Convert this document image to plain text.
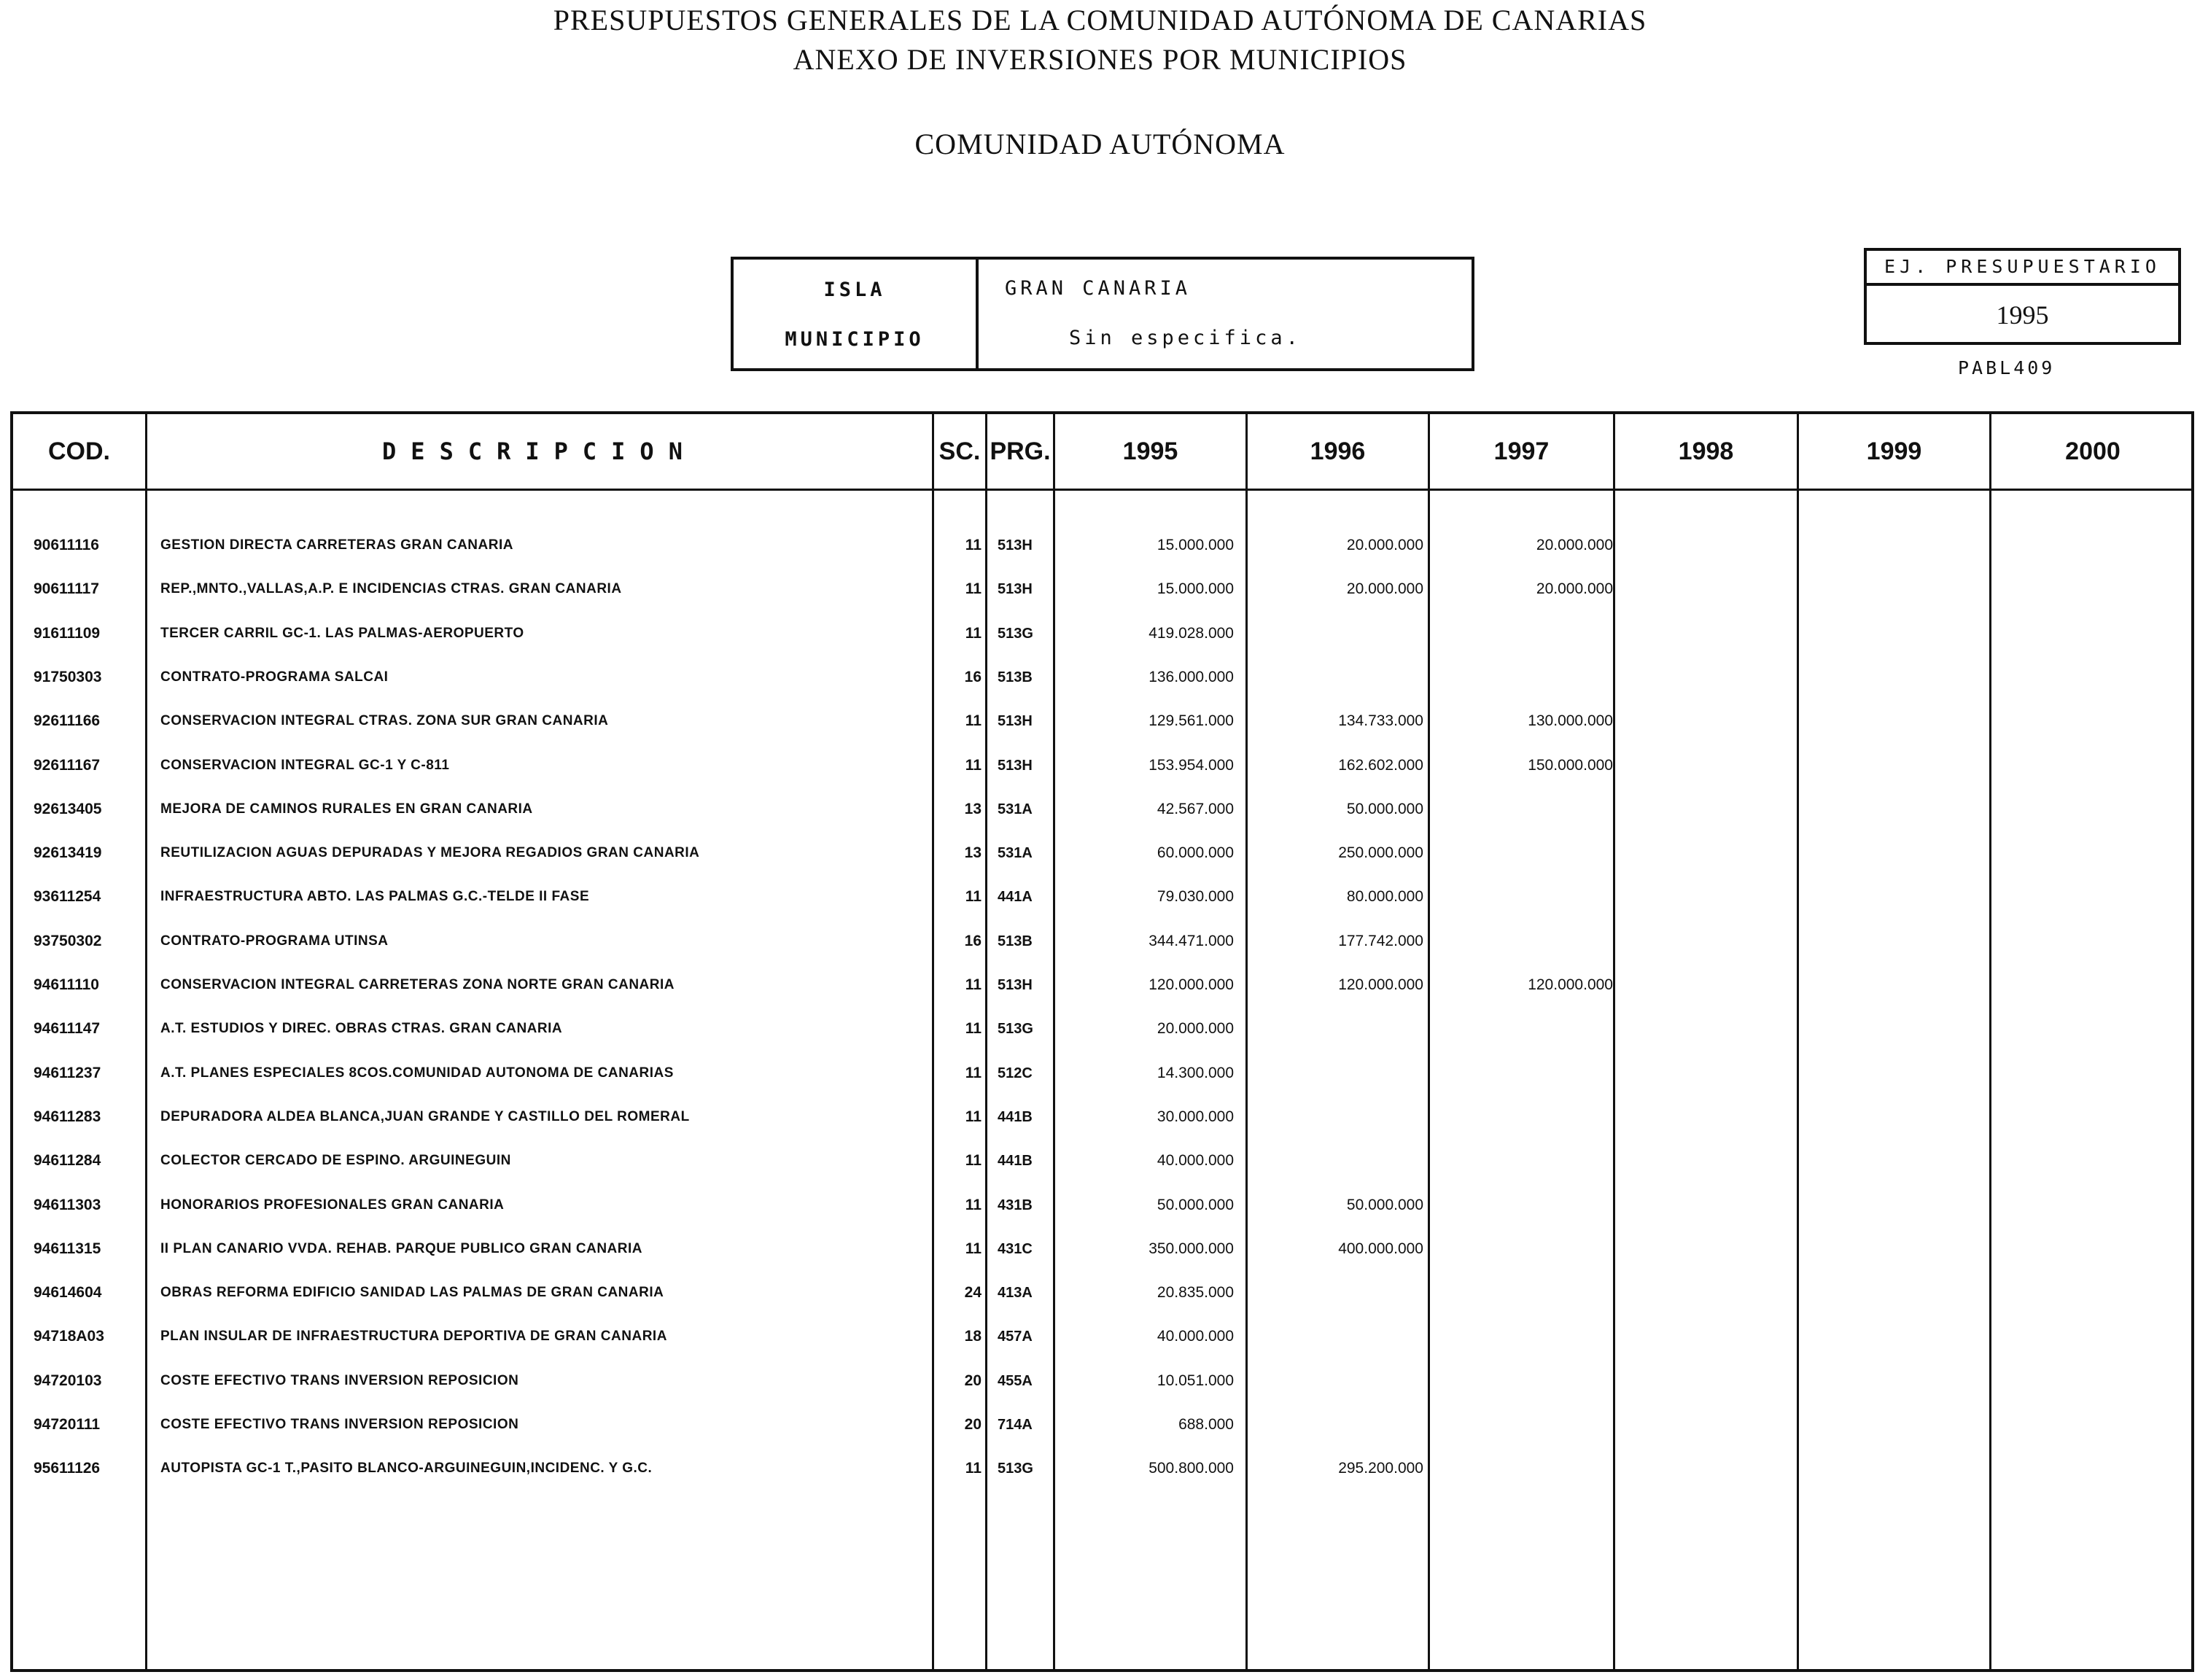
PRESUPUESTOS GENERALES DE LA COMUNIDAD AUTÓNOMA DE CANARIAS
ANEXO DE INVERSIONES POR MUNICIPIOS
COMUNIDAD AUTÓNOMA
ISLA	GRAN CANARIA
MUNICIPIO	Sin especifica.
EJ. PRESUPUESTARIO
1995
PABL409
COD.	DESCRIPCION	SC. PRG.	1995	1996	1997	1998	1999	2000
90611116	GESTION DIRECTA CARRETERAS GRAN CANARIA	11 513H	15.000.000	20.000.000	20.000.000
90611117	REP.,MNTO.,VALLAS,A.P. E INCIDENCIAS CTRAS. GRAN CANARIA	11 513H	15.000.000	20.000.000	20.000.000
91611109	TERCER CARRIL GC-1. LAS PALMAS-AEROPUERTO	11 513G	419.028.000
91750303	CONTRATO-PROGRAMA SALCAI	16 513B	136.000.000
92611166	CONSERVACION INTEGRAL CTRAS. ZONA SUR GRAN CANARIA	11 513H	129.561.000	134.733.000	130.000.000
92611167	CONSERVACION INTEGRAL GC-1 Y C-811	11 513H	153.954.000	162.602.000	150.000.000
92613405	MEJORA DE CAMINOS RURALES EN GRAN CANARIA	13 531A	42.567.000	50.000.000
92613419	REUTILIZACION AGUAS DEPURADAS Y MEJORA REGADIOS GRAN CANARIA	13 531A	60.000.000	250.000.000
93611254	INFRAESTRUCTURA ABTO. LAS PALMAS G.C.-TELDE II FASE	11 441A	79.030.000	80.000.000
93750302	CONTRATO-PROGRAMA UTINSA	16 513B	344.471.000	177.742.000
94611110	CONSERVACION INTEGRAL CARRETERAS ZONA NORTE GRAN CANARIA	11 513H	120.000.000	120.000.000	120.000.000
94611147	A.T. ESTUDIOS Y DIREC. OBRAS CTRAS. GRAN CANARIA	11 513G	20.000.000
94611237	A.T. PLANES ESPECIALES 8COS.COMUNIDAD AUTONOMA DE CANARIAS	11 512C	14.300.000
94611283	DEPURADORA ALDEA BLANCA,JUAN GRANDE Y CASTILLO DEL ROMERAL	11 441B	30.000.000
94611284	COLECTOR CERCADO DE ESPINO. ARGUINEGUIN	11 441B	40.000.000
94611303	HONORARIOS PROFESIONALES GRAN CANARIA	11 431B	50.000.000	50.000.000
94611315	II PLAN CANARIO VVDA. REHAB. PARQUE PUBLICO GRAN CANARIA	11 431C	350.000.000	400.000.000
94614604	OBRAS REFORMA EDIFICIO SANIDAD LAS PALMAS DE GRAN CANARIA	24 413A	20.835.000
94718A03	PLAN INSULAR DE INFRAESTRUCTURA DEPORTIVA DE GRAN CANARIA	18 457A	40.000.000
94720103	COSTE EFECTIVO TRANS INVERSION REPOSICION	20 455A	10.051.000
94720111	COSTE EFECTIVO TRANS INVERSION REPOSICION	20 714A	688.000
95611126	AUTOPISTA GC-1 T.,PASITO BLANCO-ARGUINEGUIN,INCIDENC. Y G.C.	11 513G	500.800.000	295.200.000
